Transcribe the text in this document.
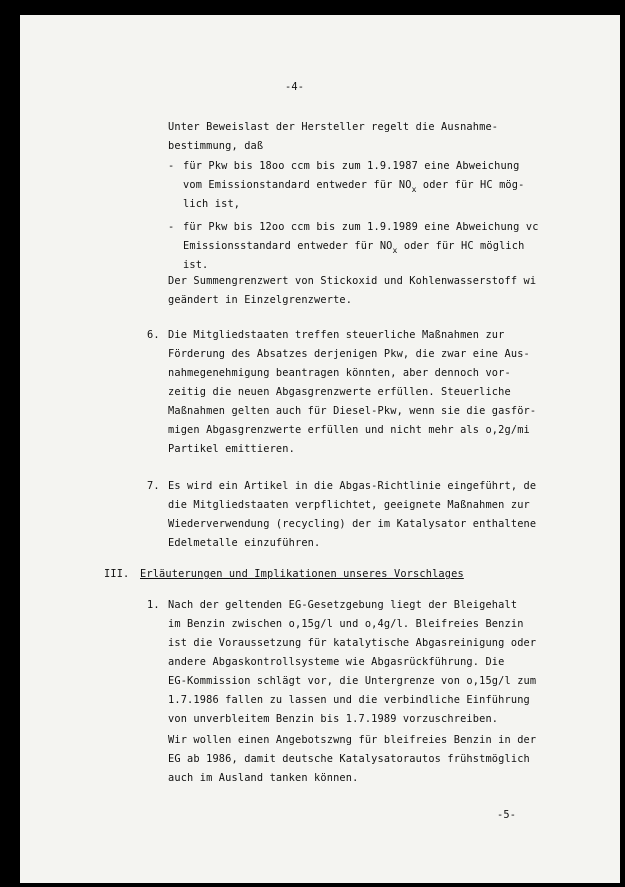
-4-
Unter Beweislast der Hersteller regelt die Ausnahme-
bestimmung, daß
- für Pkw bis 18oo ccm bis zum 1.9.1987 eine Abweichung
vom Emissionstandard entweder für $NO_x$ oder für HC mög-
lich ist,
- für Pkw bis 12oo ccm bis zum 1.9.1989 eine Abweichung vc
Emissionsstandard entweder für $NO_x$ oder für HC möglich
ist.
Der Summengrenzwert von Stickoxid und Kohlenwasserstoff wi
geändert in Einzelgrenzwerte.
6. Die Mitgliedstaaten treffen steuerliche Maßnahmen zur
Förderung des Absatzes derjenigen Pkw, die zwar eine Aus-
nahmegenehmigung beantragen könnten, aber dennoch vor-
zeitig die neuen Abgasgrenzwerte erfüllen. Steuerliche
Maßnahmen gelten auch für Diesel-Pkw, wenn sie die gasför-
migen Abgasgrenzwerte erfüllen und nicht mehr als o,2g/mi
Partikel emittieren.
7. Es wird ein Artikel in die Abgas-Richtlinie eingeführt, de
die Mitgliedstaaten verpflichtet, geeignete Maßnahmen zur
Wiederverwendung (recycling) der im Katalysator enthaltene
Edelmetalle einzuführen.
III. Erläuterungen und Implikationen unseres Vorschlages
1. Nach der geltenden EG-Gesetzgebung liegt der Bleigehalt
im Benzin zwischen o,15g/l und o,4g/l. Bleifreies Benzin
ist die Voraussetzung für katalytische Abgasreinigung oder
andere Abgaskontrollsysteme wie Abgasrückführung. Die
EG-Kommission schlägt vor, die Untergrenze von o,15g/l zum
1.7.1986 fallen zu lassen und die verbindliche Einführung
von unverbleitem Benzin bis 1.7.1989 vorzuschreiben.
Wir wollen einen Angebotszwng für bleifreies Benzin in der
EG ab 1986, damit deutsche Katalysatorautos frühstmöglich
auch im Ausland tanken können.
-5-
